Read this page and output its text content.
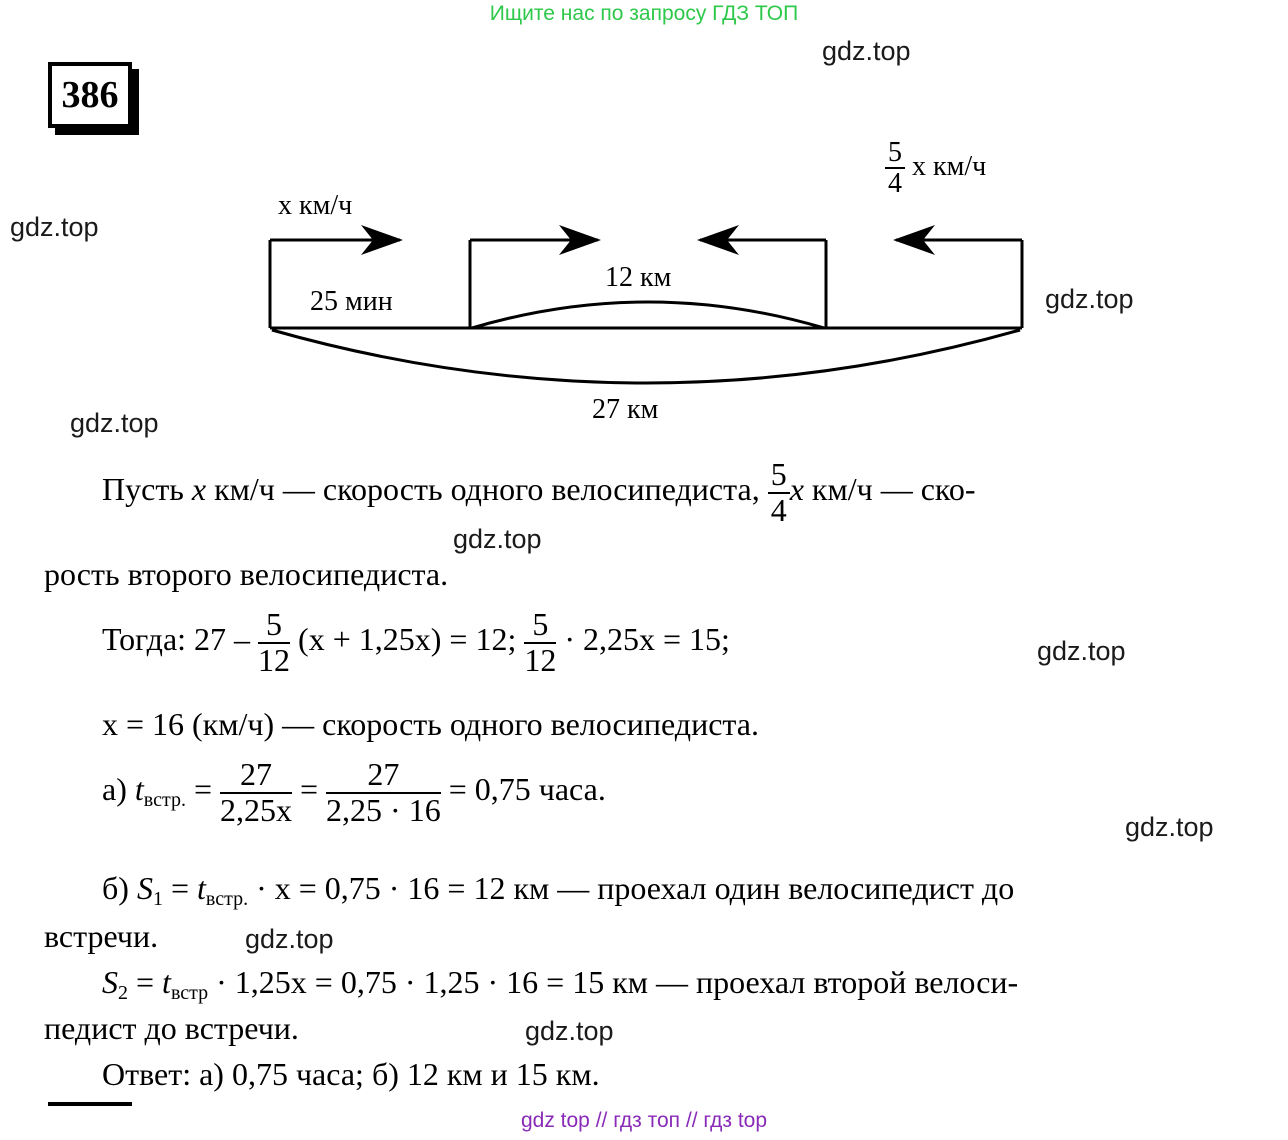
Ищите нас по запросу ГДЗ ТОП
386
gdz.top
gdz.top
gdz.top
gdz.top
gdz.top
gdz.top
gdz.top
gdz.top
gdz.top
x км/ч
$\frac{5}{4}$ x км/ч
25 мин
12 км
27 км
Пусть x км/ч — скорость одного велосипедиста, $\frac{5}{4}$ x км/ч — ско-
рость второго велосипедиста.
Тогда: $27 - \frac{5}{12} (x + 1,25x) = 12$; $\frac{5}{12} \cdot 2,25x = 15$;
x = 16 (км/ч) — скорость одного велосипедиста.
а) $t_{встр.} = \frac{27}{2,25x} = \frac{27}{2,25 \cdot 16} = 0,75$ часа.
б) $S_1 = t_{встр.} \cdot x = 0,75 \cdot 16 = 12$ км — проехал один велосипедист до
встречи.
$S_2 = t_{встр} \cdot 1,25x = 0,75 \cdot 1,25 \cdot 16 = 15$ км — проехал второй велоси-
педист до встречи.
Ответ: а) 0,75 часа; б) 12 км и 15 км.
gdz top // гдз топ // гдз top
